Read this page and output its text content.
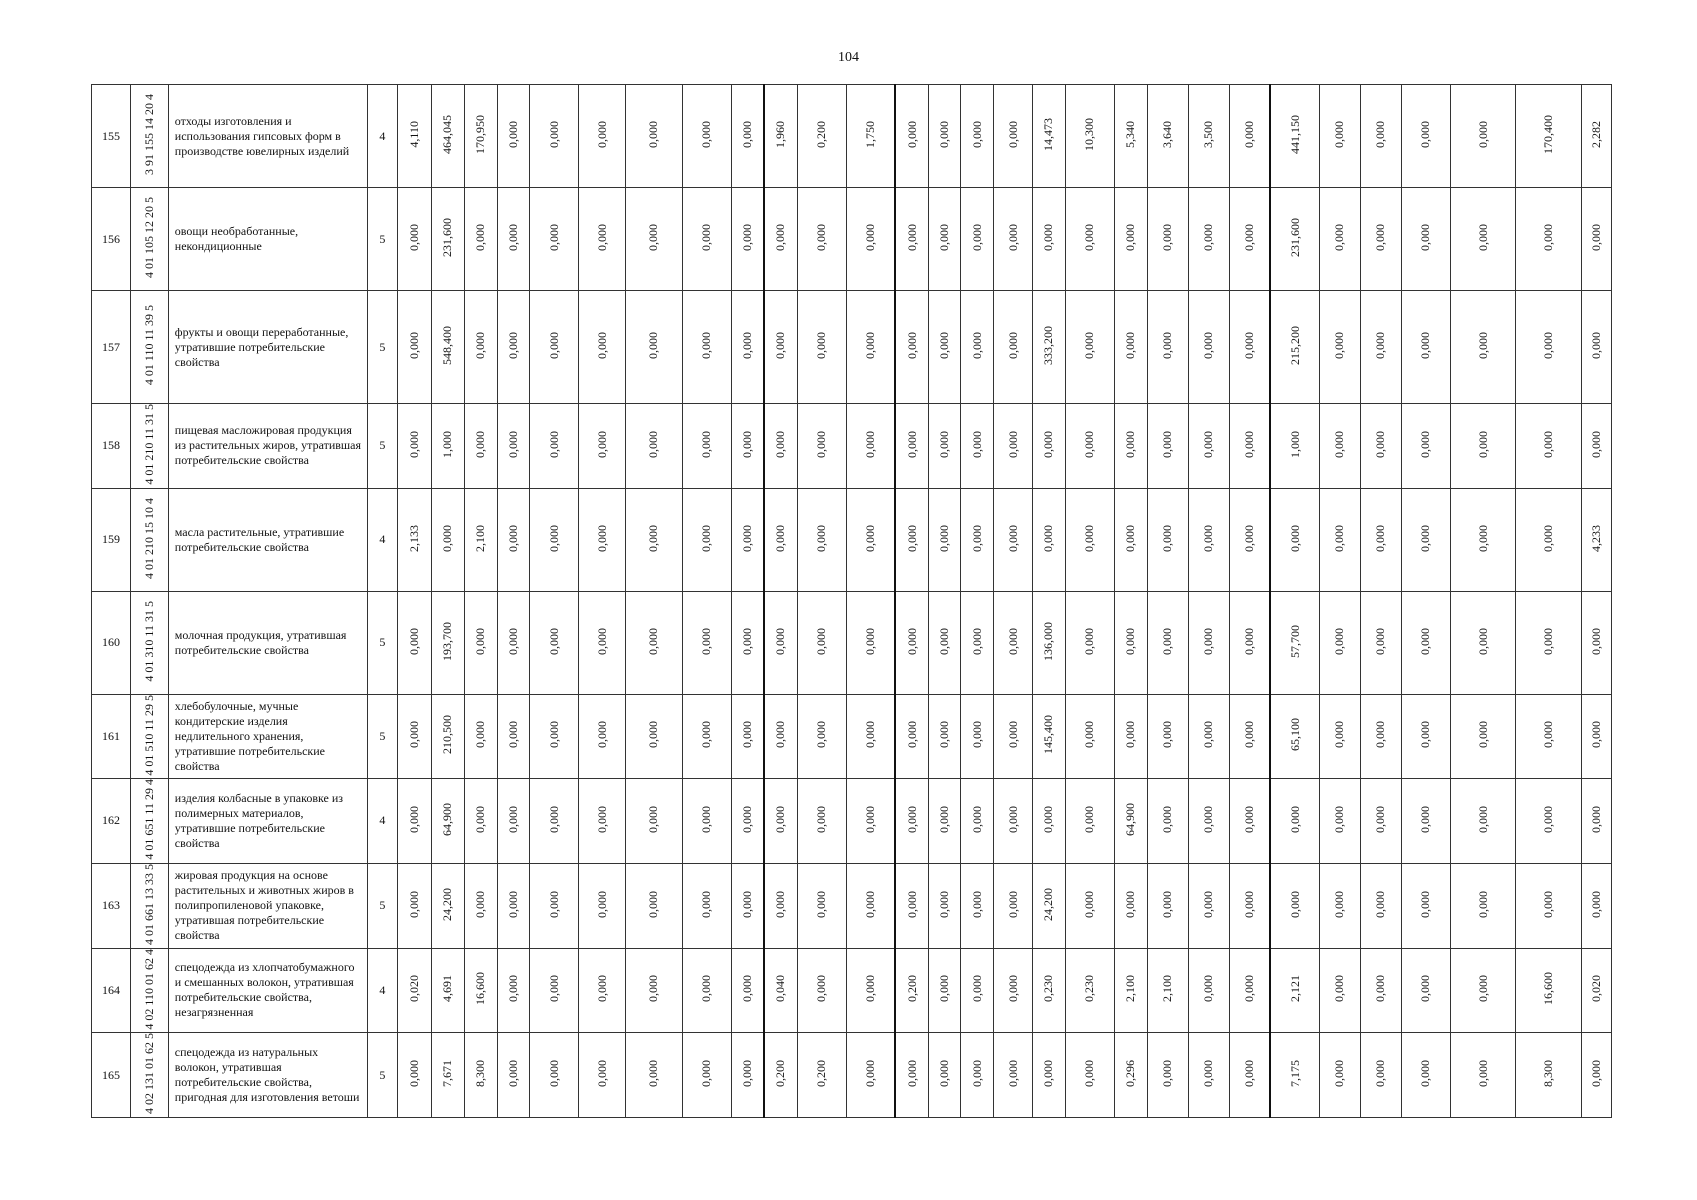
104
155	3 91 155 14 20 4	отходы изготовления и использования гипсовых форм в производстве ювелирных изделий	4	4,110	464,045	170,950	0,000	0,000	0,000	0,000	0,000	0,000	1,960	0,200	1,750	0,000	0,000	0,000	0,000	14,473	10,300	5,340	3,640	3,500	0,000	441,150	0,000	0,000	0,000	0,000	170,400	2,282
156	4 01 105 12 20 5	овощи необработанные, некондиционные	5	0,000	231,600	0,000	0,000	0,000	0,000	0,000	0,000	0,000	0,000	0,000	0,000	0,000	0,000	0,000	0,000	0,000	0,000	0,000	0,000	0,000	0,000	231,600	0,000	0,000	0,000	0,000	0,000	0,000
157	4 01 110 11 39 5	фрукты и овощи переработанные, утратившие потребительские свойства	5	0,000	548,400	0,000	0,000	0,000	0,000	0,000	0,000	0,000	0,000	0,000	0,000	0,000	0,000	0,000	0,000	333,200	0,000	0,000	0,000	0,000	0,000	215,200	0,000	0,000	0,000	0,000	0,000	0,000
158	4 01 210 11 31 5	пищевая масложировая продукция из растительных жиров, утратившая потребительские свойства	5	0,000	1,000	0,000	0,000	0,000	0,000	0,000	0,000	0,000	0,000	0,000	0,000	0,000	0,000	0,000	0,000	0,000	0,000	0,000	0,000	0,000	0,000	1,000	0,000	0,000	0,000	0,000	0,000	0,000
159	4 01 210 15 10 4	масла растительные, утратившие потребительские свойства	4	2,133	0,000	2,100	0,000	0,000	0,000	0,000	0,000	0,000	0,000	0,000	0,000	0,000	0,000	0,000	0,000	0,000	0,000	0,000	0,000	0,000	0,000	0,000	0,000	0,000	0,000	0,000	0,000	4,233
160	4 01 310 11 31 5	молочная продукция, утратившая потребительские свойства	5	0,000	193,700	0,000	0,000	0,000	0,000	0,000	0,000	0,000	0,000	0,000	0,000	0,000	0,000	0,000	0,000	136,000	0,000	0,000	0,000	0,000	0,000	57,700	0,000	0,000	0,000	0,000	0,000	0,000
161	4 01 510 11 29 5	хлебобулочные, мучные кондитерские изделия недлительного хранения, утратившие потребительские свойства	5	0,000	210,500	0,000	0,000	0,000	0,000	0,000	0,000	0,000	0,000	0,000	0,000	0,000	0,000	0,000	0,000	145,400	0,000	0,000	0,000	0,000	0,000	65,100	0,000	0,000	0,000	0,000	0,000	0,000
162	4 01 651 11 29 4	изделия колбасные в упаковке из полимерных материалов, утратившие потребительские свойства	4	0,000	64,900	0,000	0,000	0,000	0,000	0,000	0,000	0,000	0,000	0,000	0,000	0,000	0,000	0,000	0,000	0,000	0,000	64,900	0,000	0,000	0,000	0,000	0,000	0,000	0,000	0,000	0,000	0,000
163	4 01 661 13 33 5	жировая продукция на основе растительных и животных жиров в полипропиленовой упаковке, утратившая потребительские свойства	5	0,000	24,200	0,000	0,000	0,000	0,000	0,000	0,000	0,000	0,000	0,000	0,000	0,000	0,000	0,000	0,000	24,200	0,000	0,000	0,000	0,000	0,000	0,000	0,000	0,000	0,000	0,000	0,000	0,000
164	4 02 110 01 62 4	спецодежда из хлопчатобумажного и смешанных волокон, утратившая потребительские свойства, незагрязненная	4	0,020	4,691	16,600	0,000	0,000	0,000	0,000	0,000	0,000	0,040	0,000	0,000	0,200	0,000	0,000	0,000	0,230	0,230	2,100	2,100	0,000	0,000	2,121	0,000	0,000	0,000	0,000	16,600	0,020
165	4 02 131 01 62 5	спецодежда из натуральных волокон, утратившая потребительские свойства, пригодная для изготовления ветоши	5	0,000	7,671	8,300	0,000	0,000	0,000	0,000	0,000	0,000	0,200	0,200	0,000	0,000	0,000	0,000	0,000	0,000	0,000	0,296	0,000	0,000	0,000	7,175	0,000	0,000	0,000	0,000	8,300	0,000
